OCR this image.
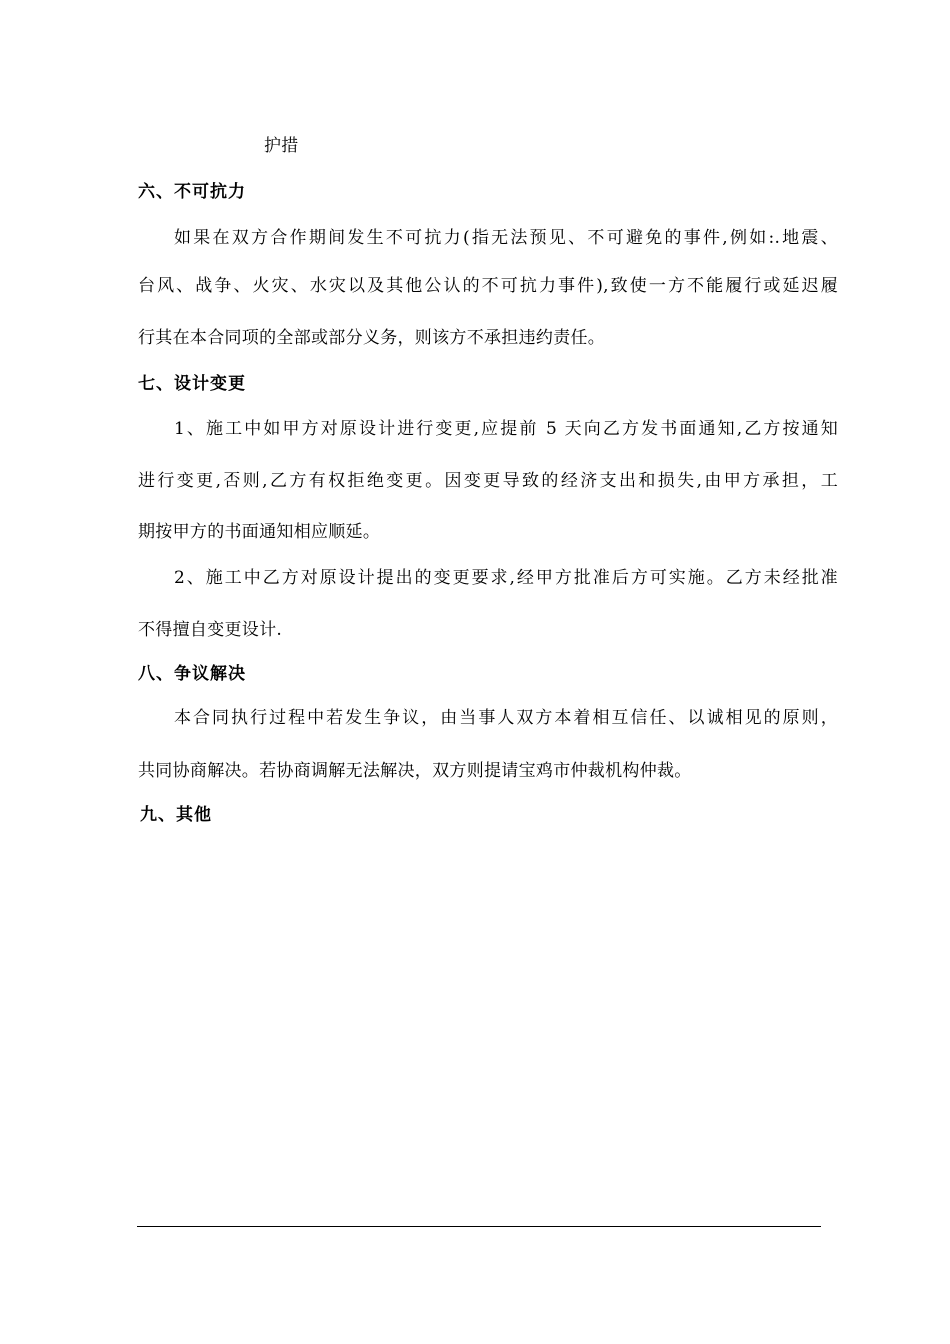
护措
六、不可抗力
如果在双方合作期间发生不可抗力(指无法预见、不可避免的事件,例如:.地震、
台风、战争、火灾、水灾以及其他公认的不可抗力事件),致使一方不能履行或延迟履
行其在本合同项的全部或部分义务，则该方不承担违约责任。
七、设计变更
1、施工中如甲方对原设计进行变更,应提前 5 天向乙方发书面通知,乙方按通知
进行变更,否则,乙方有权拒绝变更。因变更导致的经济支出和损失,由甲方承担，工
期按甲方的书面通知相应顺延。
2、施工中乙方对原设计提出的变更要求,经甲方批准后方可实施。乙方未经批准
不得擅自变更设计.
八、争议解决
本合同执行过程中若发生争议，由当事人双方本着相互信任、以诚相见的原则，
共同协商解决。若协商调解无法解决，双方则提请宝鸡市仲裁机构仲裁。
九、其他
